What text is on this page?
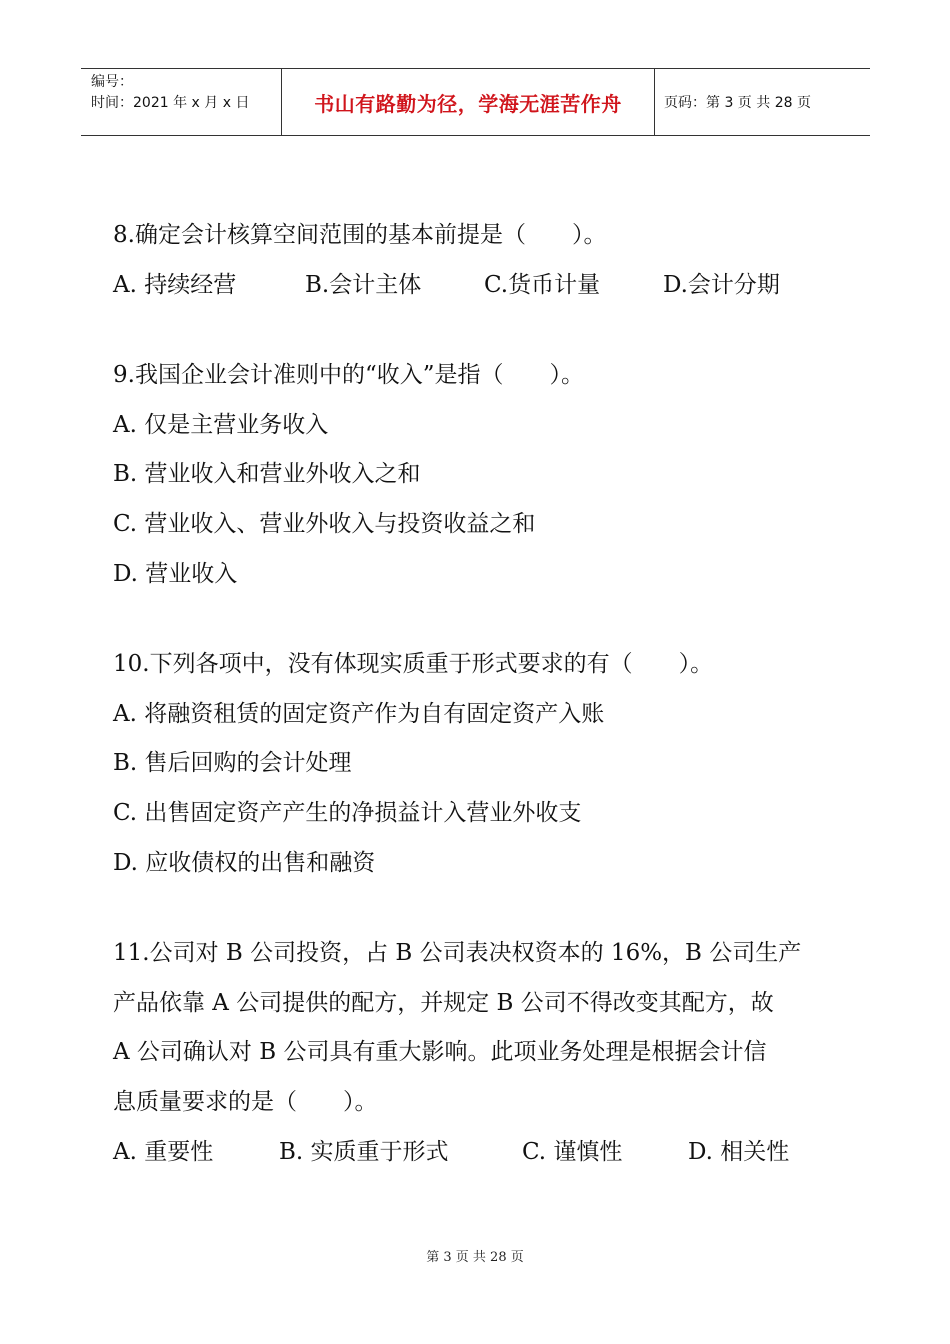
编号：
时间：2021 年 x 月 x 日	书山有路勤为径，学海无涯苦作舟	页码：第 3 页 共 28 页
8.确定会计核算空间范围的基本前提是（　　）。
A. 持续经营	B.会计主体	C.货币计量	D.会计分期
9.我国企业会计准则中的“收入”是指（　　）。
A. 仅是主营业务收入
B. 营业收入和营业外收入之和
C. 营业收入、营业外收入与投资收益之和
D. 营业收入
10.下列各项中，没有体现实质重于形式要求的有（　　）。
A. 将融资租赁的固定资产作为自有固定资产入账
B. 售后回购的会计处理
C. 出售固定资产产生的净损益计入营业外收支
D. 应收债权的出售和融资
11.公司对 B 公司投资，占 B 公司表决权资本的 16%，B 公司生产
产品依靠 A 公司提供的配方，并规定 B 公司不得改变其配方，故
A 公司确认对 B 公司具有重大影响。此项业务处理是根据会计信
息质量要求的是（　　）。
A. 重要性	B. 实质重于形式	C. 谨慎性	D. 相关性
第 3 页 共 28 页
